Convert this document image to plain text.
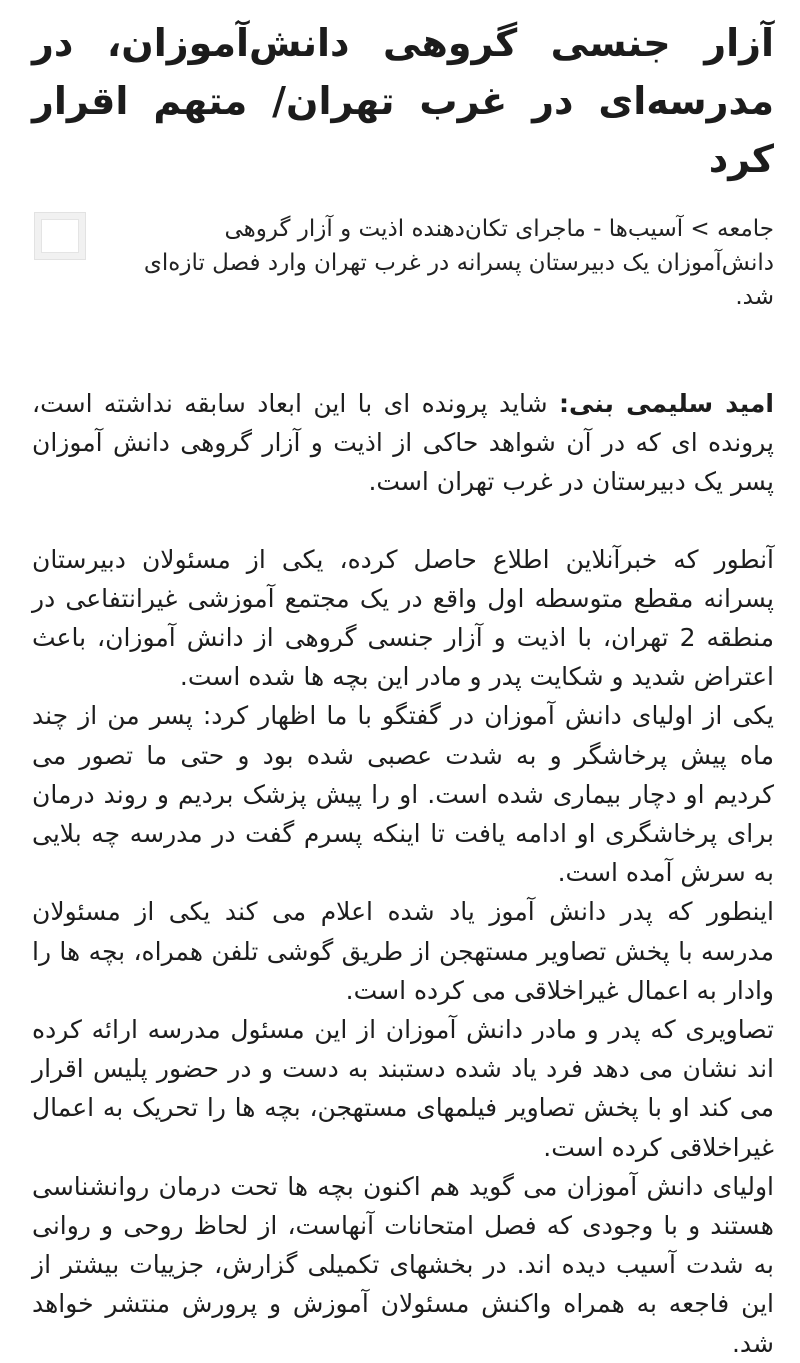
آزار جنسی گروهی دانش‌آموزان، در مدرسه‌ای در غرب تهران/ متهم اقرار کرد
جامعه > آسیب‌ها - ماجرای تکان‌دهنده اذیت و آزار گروهی دانش‌آموزان یک دبیرستان پسرانه در غرب تهران وارد فصل تازه‌ای شد.

امید سلیمی بنی: شاید پرونده ای با این ابعاد سابقه نداشته است، پرونده ای که در آن شواهد حاکی از اذیت و آزار گروهی دانش آموزان پسر یک دبیرستان در غرب تهران است.

آنطور که خبرآنلاین اطلاع حاصل کرده، یکی از مسئولان دبیرستان پسرانه مقطع متوسطه اول واقع در یک مجتمع آموزشی غیرانتفاعی در منطقه 2 تهران، با اذیت و آزار جنسی گروهی از دانش آموزان، باعث اعتراض شدید و شکایت پدر و مادر این بچه ها شده است.

یکی از اولیای دانش آموزان در گفتگو با ما اظهار کرد: پسر من از چند ماه پیش پرخاشگر و به شدت عصبی شده بود و حتی ما تصور می کردیم او دچار بیماری شده است. او را پیش پزشک بردیم و روند درمان برای پرخاشگری او ادامه یافت تا اینکه پسرم گفت در مدرسه چه بلایی به سرش آمده است.

اینطور که پدر دانش آموز یاد شده اعلام می کند یکی از مسئولان مدرسه با پخش تصاویر مستهجن از طریق گوشی تلفن همراه، بچه ها را وادار به اعمال غیراخلاقی می کرده است.

تصاویری که پدر و مادر دانش آموزان از این مسئول مدرسه ارائه کرده اند نشان می دهد فرد یاد شده دستبند به دست و در حضور پلیس اقرار می کند او با پخش تصاویر فیلمهای مستهجن، بچه ها را تحریک به اعمال غیراخلاقی کرده است.

اولیای دانش آموزان می گوید هم اکنون بچه ها تحت درمان روانشناسی هستند و با وجودی که فصل امتحانات آنهاست، از لحاظ روحی و روانی به شدت آسیب دیده اند. در بخشهای تکمیلی گزارش، جزییات بیشتر از این فاجعه به همراه واکنش مسئولان آموزش و پرورش منتشر خواهد شد.
